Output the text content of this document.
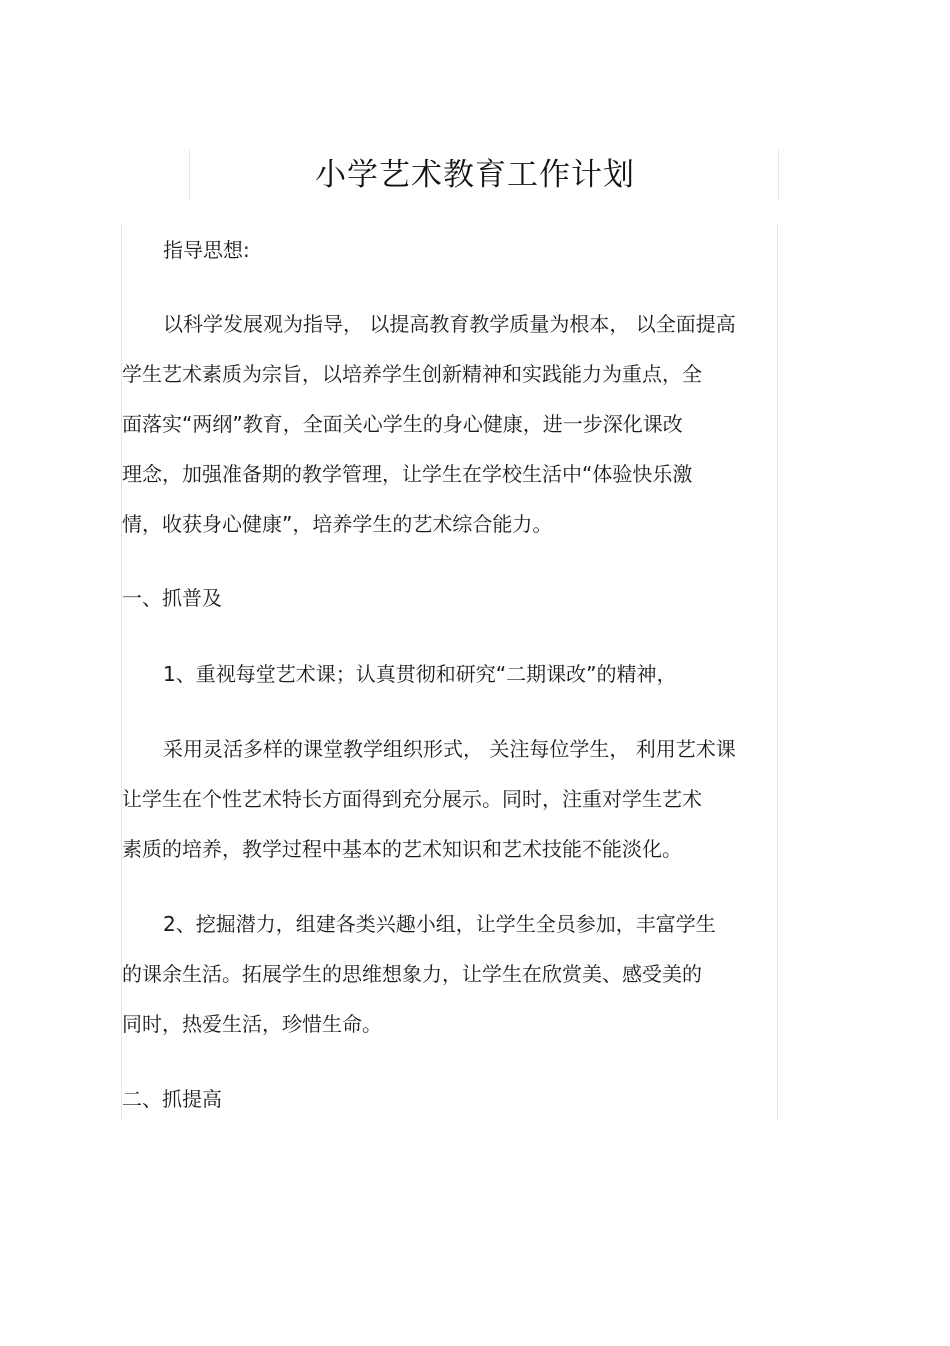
小学艺术教育工作计划
指导思想:
以科学发展观为指导， 以提高教育教学质量为根本， 以全面提高
学生艺术素质为宗旨，以培养学生创新精神和实践能力为重点，全
面落实“两纲”教育，全面关心学生的身心健康，进一步深化课改
理念，加强准备期的教学管理，让学生在学校生活中“体验快乐激
情，收获身心健康”，培养学生的艺术综合能力。
一、抓普及
1、重视每堂艺术课；认真贯彻和研究“二期课改”的精神，
采用灵活多样的课堂教学组织形式， 关注每位学生， 利用艺术课
让学生在个性艺术特长方面得到充分展示。同时，注重对学生艺术
素质的培养，教学过程中基本的艺术知识和艺术技能不能淡化。
2、挖掘潜力，组建各类兴趣小组，让学生全员参加，丰富学生
的课余生活。拓展学生的思维想象力，让学生在欣赏美、感受美的
同时，热爱生活，珍惜生命。
二、抓提高
